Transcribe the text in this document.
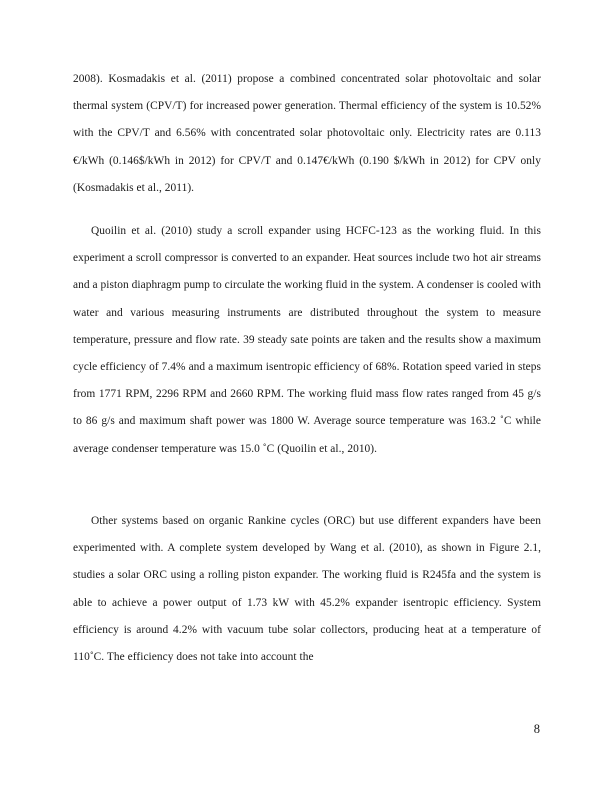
2008). Kosmadakis et al. (2011) propose a combined concentrated solar photovoltaic and solar thermal system (CPV/T) for increased power generation. Thermal efficiency of the system is 10.52% with the CPV/T and 6.56% with concentrated solar photovoltaic only. Electricity rates are 0.113 €/kWh (0.146$/kWh in 2012) for CPV/T and 0.147€/kWh (0.190 $/kWh in 2012) for CPV only (Kosmadakis et al., 2011).

Quoilin et al. (2010) study a scroll expander using HCFC-123 as the working fluid. In this experiment a scroll compressor is converted to an expander. Heat sources include two hot air streams and a piston diaphragm pump to circulate the working fluid in the system. A condenser is cooled with water and various measuring instruments are distributed throughout the system to measure temperature, pressure and flow rate. 39 steady sate points are taken and the results show a maximum cycle efficiency of 7.4% and a maximum isentropic efficiency of 68%. Rotation speed varied in steps from 1771 RPM, 2296 RPM and 2660 RPM. The working fluid mass flow rates ranged from 45 g/s to 86 g/s and maximum shaft power was 1800 W. Average source temperature was 163.2 ˚C while average condenser temperature was 15.0 ˚C (Quoilin et al., 2010).

Other systems based on organic Rankine cycles (ORC) but use different expanders have been experimented with. A complete system developed by Wang et al. (2010), as shown in Figure 2.1, studies a solar ORC using a rolling piston expander. The working fluid is R245fa and the system is able to achieve a power output of 1.73 kW with 45.2% expander isentropic efficiency. System efficiency is around 4.2% with vacuum tube solar collectors, producing heat at a temperature of 110˚C. The efficiency does not take into account the

8
